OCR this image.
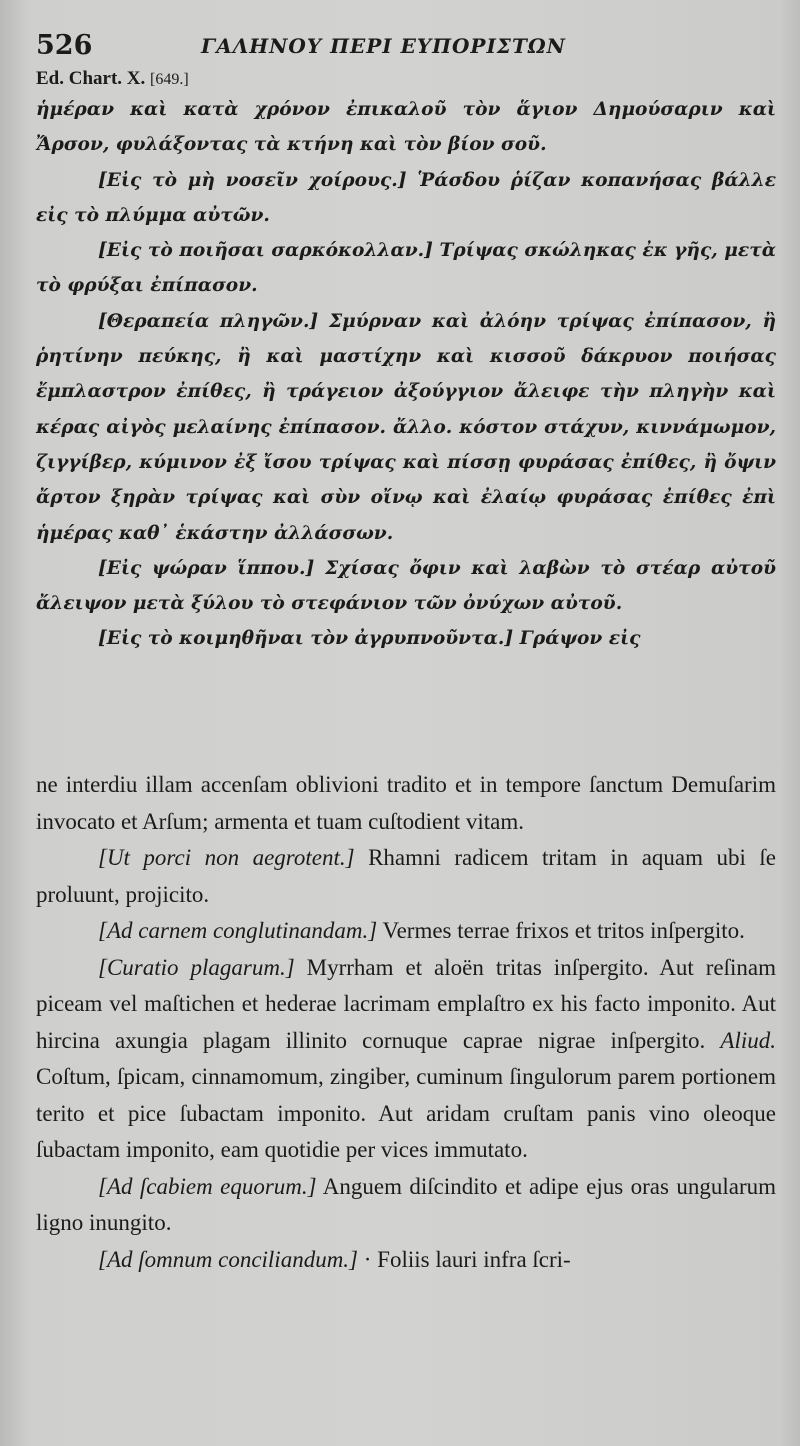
526	ΓΑΛΗΝΟΥ ΠΕΡΙ ΕΥΠΟΡΙΣΤΩΝ
Ed. Chart. X. [649.]

ἡμέραν καὶ κατὰ χρόνον ἐπικαλοῦ τὸν ἅγιον Δημούσαριν καὶ Ἄρσον, φυλάξοντας τὰ κτήνη καὶ τὸν βίον σοῦ.

[Εἰς τὸ μὴ νοσεῖν χοίρους.] Ῥάσδου ῥίζαν κοπανήσας βάλλε εἰς τὸ πλύμμα αὐτῶν.

[Εἰς τὸ ποιῆσαι σαρκόκολλαν.] Τρίψας σκώληκας ἐκ γῆς, μετὰ τὸ φρύξαι ἐπίπασον.

[Θεραπεία πληγῶν.] Σμύρναν καὶ ἀλόην τρίψας ἐπίπασον, ἢ ῥητίνην πεύκης, ἢ καὶ μαστίχην καὶ κισσοῦ δάκρυον ποιήσας ἔμπλαστρον ἐπίθες, ἢ τράγειον ἀξούγγιον ἄλειφε τὴν πληγὴν καὶ κέρας αἰγὸς μελαίνης ἐπίπασον. ἄλλο. κόστον στάχυν, κιννάμωμον, ζιγγίβερ, κύμινον ἐξ ἴσου τρίψας καὶ πίσσῃ φυράσας ἐπίθες, ἢ ὄψιν ἄρτον ξηρὰν τρίψας καὶ σὺν οἴνῳ καὶ ἐλαίῳ φυράσας ἐπίθες ἐπὶ ἡμέρας καθ᾽ ἑκάστην ἀλλάσσων.

[Εἰς ψώραν ἵππου.] Σχίσας ὄφιν καὶ λαβὼν τὸ στέαρ αὐτοῦ ἄλειψον μετὰ ξύλου τὸ στεφάνιον τῶν ὀνύχων αὐτοῦ.

[Εἰς τὸ κοιμηθῆναι τὸν ἀγρυπνοῦντα.] Γράψον εἰς

ne interdiu illam accenſam oblivioni tradito et in tempore ſanctum Demuſarim invocato et Arſum; armenta et tuam cuſtodient vitam.

[Ut porci non aegrotent.] Rhamni radicem tritam in aquam ubi ſe proluunt, projicito.

[Ad carnem conglutinandam.] Vermes terrae frixos et tritos inſpergito.

[Curatio plagarum.] Myrrham et aloën tritas inſpergito. Aut reſinam piceam vel maſtichen et hederae lacrimam emplaſtro ex his facto imponito. Aut hircina axungia plagam illinito cornuque caprae nigrae inſpergito. Aliud. Coſtum, ſpicam, cinnamomum, zingiber, cuminum ſingulorum parem portionem terito et pice ſubactam imponito. Aut aridam cruſtam panis vino oleoque ſubactam imponito, eam quotidie per vices immutato.

[Ad ſcabiem equorum.] Anguem diſcindito et adipe ejus oras ungularum ligno inungito.

[Ad ſomnum conciliandum.] · Foliis lauri infra ſcri-
